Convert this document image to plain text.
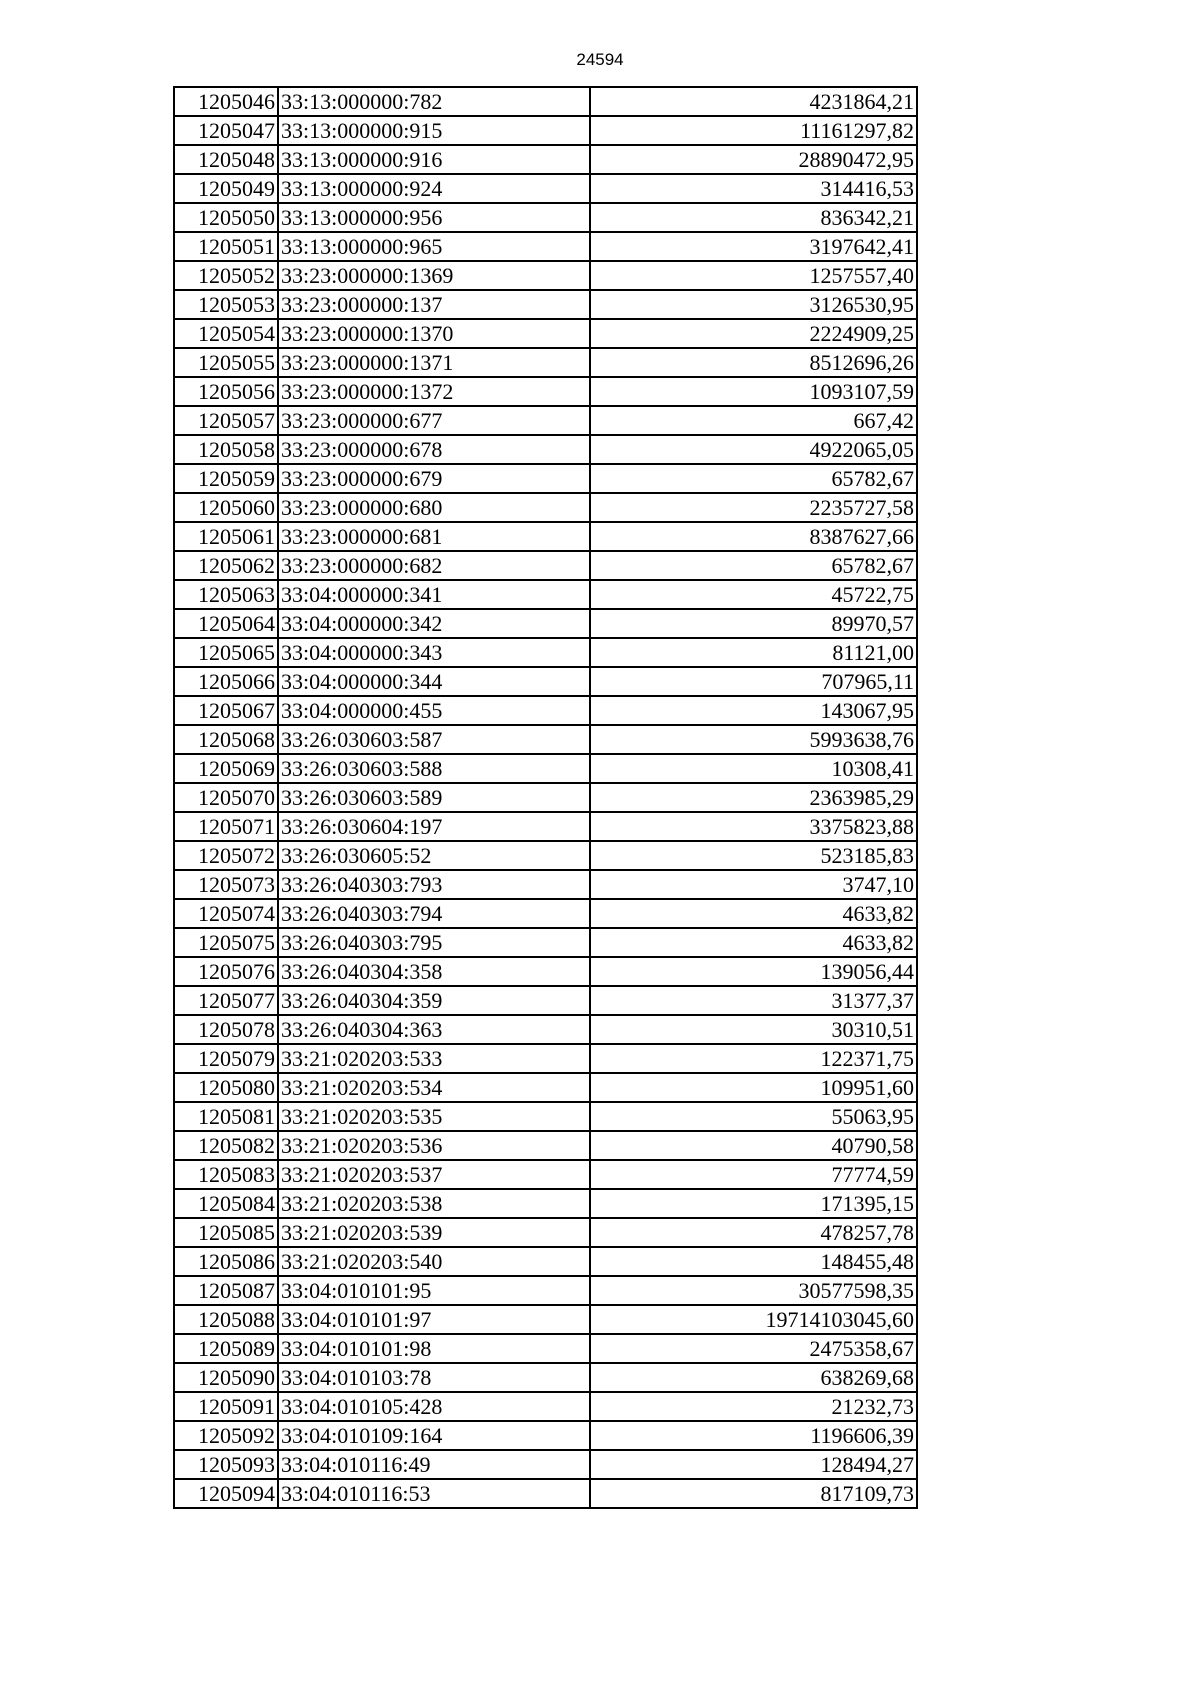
24594
1205046	33:13:000000:782	4231864,21
1205047	33:13:000000:915	11161297,82
1205048	33:13:000000:916	28890472,95
1205049	33:13:000000:924	314416,53
1205050	33:13:000000:956	836342,21
1205051	33:13:000000:965	3197642,41
1205052	33:23:000000:1369	1257557,40
1205053	33:23:000000:137	3126530,95
1205054	33:23:000000:1370	2224909,25
1205055	33:23:000000:1371	8512696,26
1205056	33:23:000000:1372	1093107,59
1205057	33:23:000000:677	667,42
1205058	33:23:000000:678	4922065,05
1205059	33:23:000000:679	65782,67
1205060	33:23:000000:680	2235727,58
1205061	33:23:000000:681	8387627,66
1205062	33:23:000000:682	65782,67
1205063	33:04:000000:341	45722,75
1205064	33:04:000000:342	89970,57
1205065	33:04:000000:343	81121,00
1205066	33:04:000000:344	707965,11
1205067	33:04:000000:455	143067,95
1205068	33:26:030603:587	5993638,76
1205069	33:26:030603:588	10308,41
1205070	33:26:030603:589	2363985,29
1205071	33:26:030604:197	3375823,88
1205072	33:26:030605:52	523185,83
1205073	33:26:040303:793	3747,10
1205074	33:26:040303:794	4633,82
1205075	33:26:040303:795	4633,82
1205076	33:26:040304:358	139056,44
1205077	33:26:040304:359	31377,37
1205078	33:26:040304:363	30310,51
1205079	33:21:020203:533	122371,75
1205080	33:21:020203:534	109951,60
1205081	33:21:020203:535	55063,95
1205082	33:21:020203:536	40790,58
1205083	33:21:020203:537	77774,59
1205084	33:21:020203:538	171395,15
1205085	33:21:020203:539	478257,78
1205086	33:21:020203:540	148455,48
1205087	33:04:010101:95	30577598,35
1205088	33:04:010101:97	19714103045,60
1205089	33:04:010101:98	2475358,67
1205090	33:04:010103:78	638269,68
1205091	33:04:010105:428	21232,73
1205092	33:04:010109:164	1196606,39
1205093	33:04:010116:49	128494,27
1205094	33:04:010116:53	817109,73
